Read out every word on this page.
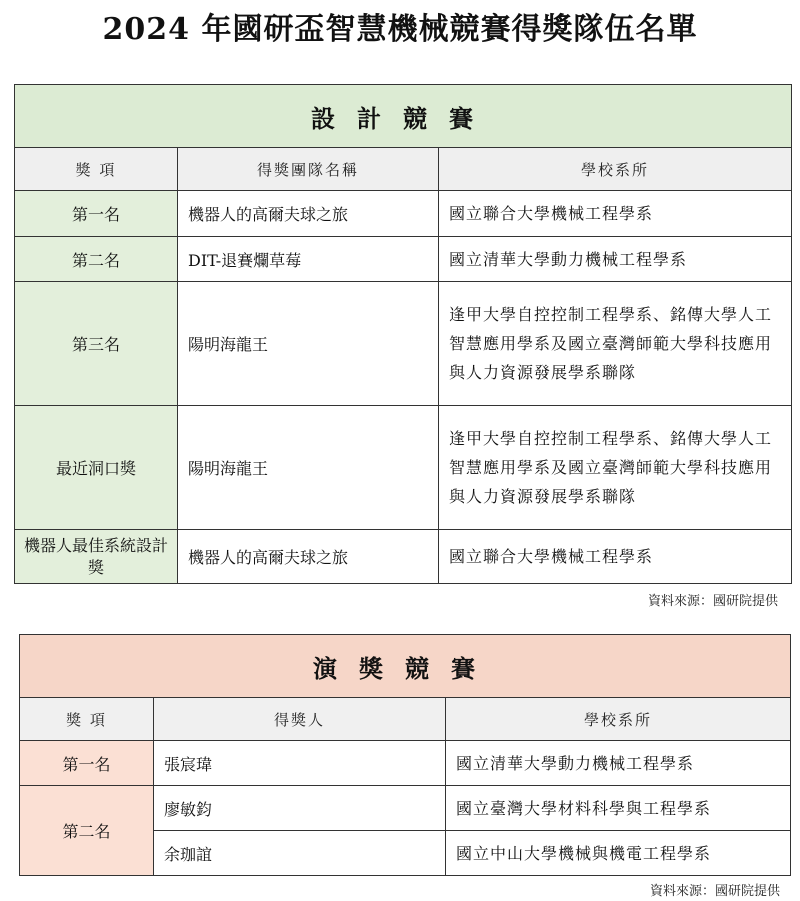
2024 年國研盃智慧機械競賽得獎隊伍名單
設計競賽		
獎 項	得獎團隊名稱	學校系所
第一名	機器人的高爾夫球之旅	國立聯合大學機械工程學系
第二名	DIT-退賽爛草莓	國立清華大學動力機械工程學系
第三名	陽明海龍王	逢甲大學自控控制工程學系、銘傳大學人工智慧應用學系及國立臺灣師範大學科技應用與人力資源發展學系聯隊
最近洞口獎	陽明海龍王	逢甲大學自控控制工程學系、銘傳大學人工智慧應用學系及國立臺灣師範大學科技應用與人力資源發展學系聯隊
機器人最佳系統設計獎	機器人的高爾夫球之旅	國立聯合大學機械工程學系
資料來源：國研院提供
演獎競賽		
獎 項	得獎人	學校系所
第一名	張宸瑋	國立清華大學動力機械工程學系
第二名	廖敏鈞	國立臺灣大學材料科學與工程學系
	余珈誼	國立中山大學機械與機電工程學系
資料來源：國研院提供
